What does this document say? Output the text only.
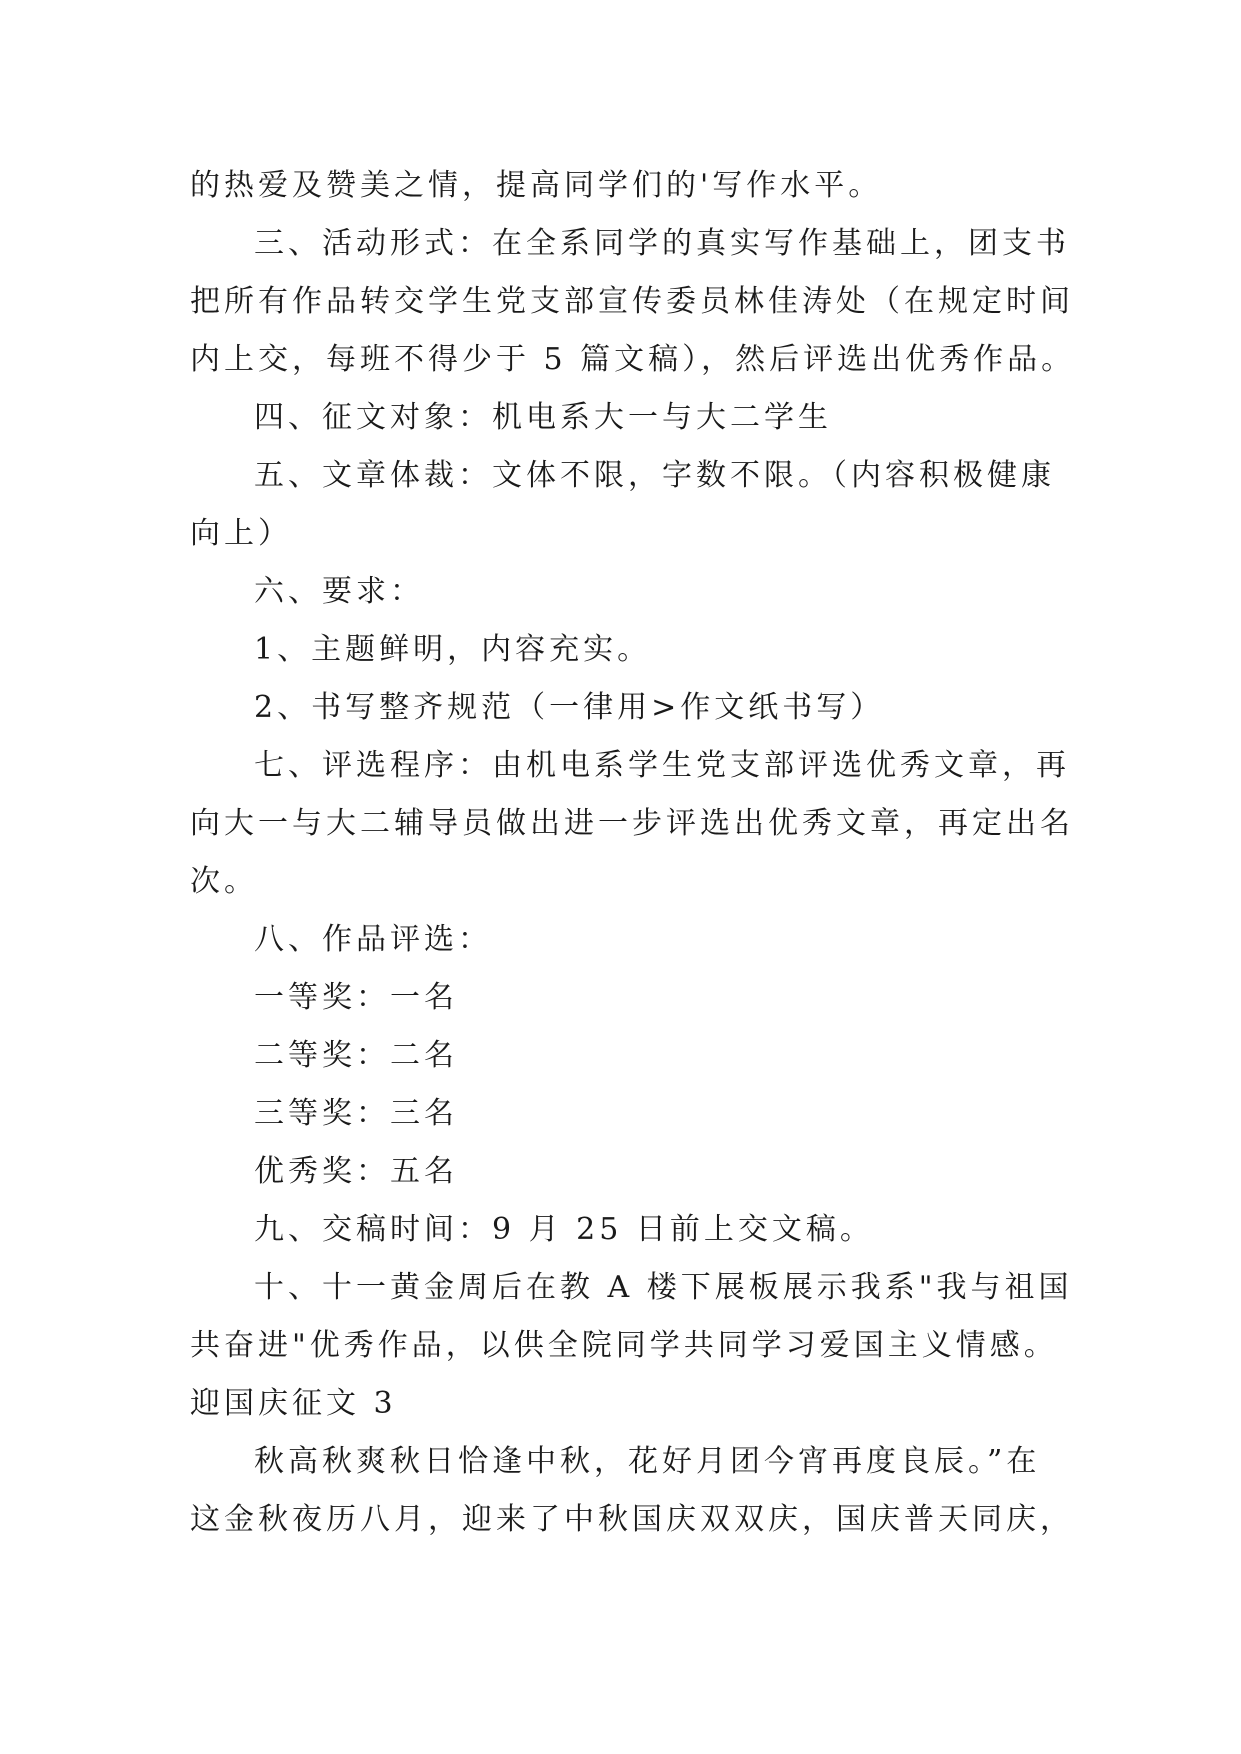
的热爱及赞美之情，提高同学们的'写作水平。
三、活动形式：在全系同学的真实写作基础上，团支书
把所有作品转交学生党支部宣传委员林佳涛处（在规定时间
内上交，每班不得少于 5 篇文稿），然后评选出优秀作品。
四、征文对象：机电系大一与大二学生
五、文章体裁：文体不限，字数不限。（内容积极健康
向上）
六、要求：
1、主题鲜明，内容充实。
2、书写整齐规范（一律用>作文纸书写）
七、评选程序：由机电系学生党支部评选优秀文章，再
向大一与大二辅导员做出进一步评选出优秀文章，再定出名
次。
八、作品评选：
一等奖：一名
二等奖：二名
三等奖：三名
优秀奖：五名
九、交稿时间：9 月 25 日前上交文稿。
十、十一黄金周后在教 A 楼下展板展示我系"我与祖国
共奋进"优秀作品，以供全院同学共同学习爱国主义情感。
迎国庆征文 3
秋高秋爽秋日恰逢中秋，花好月团今宵再度良辰。”在
这金秋夜历八月，迎来了中秋国庆双双庆，国庆普天同庆，
